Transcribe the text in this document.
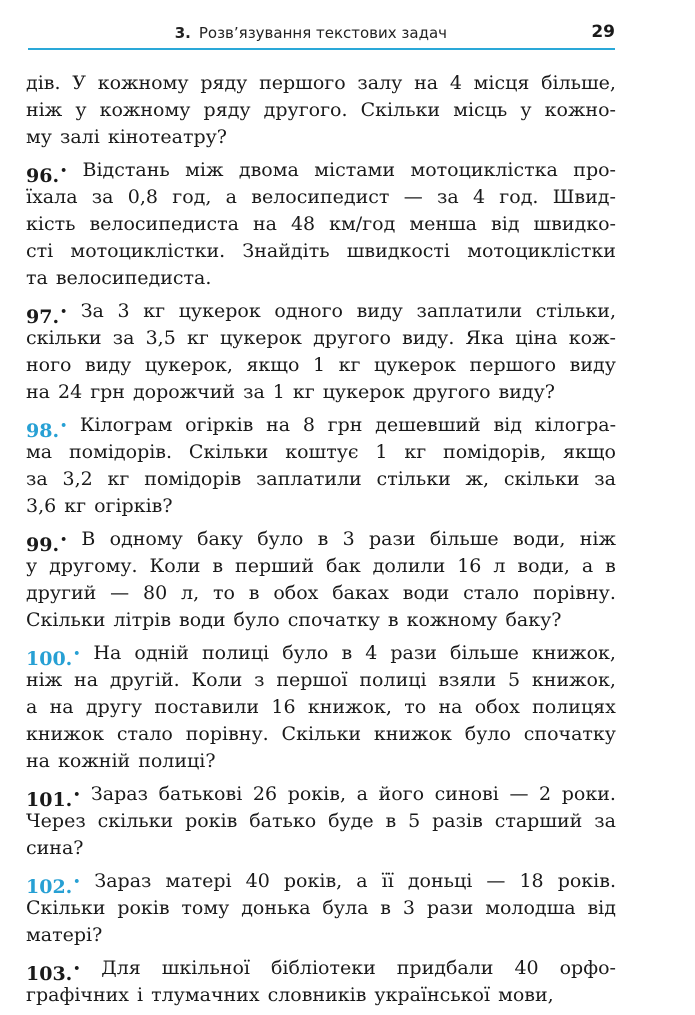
3. Розв’язування текстових задач	29
дів. У кожному ряду першого залу на 4 місця більше,
ніж у кожному ряду другого. Скільки місць у кожно-
му залі кінотеатру?
96.• Відстань між двома містами мотоциклістка про-
їхала за 0,8 год, а велосипедист — за 4 год. Швид-
кість велосипедиста на 48 км/год менша від швидко-
сті мотоциклістки. Знайдіть швидкості мотоциклістки
та велосипедиста.
97.• За 3 кг цукерок одного виду заплатили стільки,
скільки за 3,5 кг цукерок другого виду. Яка ціна кож-
ного виду цукерок, якщо 1 кг цукерок першого виду
на 24 грн дорожчий за 1 кг цукерок другого виду?
98.• Кілограм огірків на 8 грн дешевший від кілогра-
ма помідорів. Скільки коштує 1 кг помідорів, якщо
за 3,2 кг помідорів заплатили стільки ж, скільки за
3,6 кг огірків?
99.• В одному баку було в 3 рази більше води, ніж
у другому. Коли в перший бак долили 16 л води, а в
другий — 80 л, то в обох баках води стало порівну.
Скільки літрів води було спочатку в кожному баку?
100.• На одній полиці було в 4 рази більше книжок,
ніж на другій. Коли з першої полиці взяли 5 книжок,
а на другу поставили 16 книжок, то на обох полицях
книжок стало порівну. Скільки книжок було спочатку
на кожній полиці?
101.• Зараз батькові 26 років, а його синові — 2 роки.
Через скільки років батько буде в 5 разів старший за
сина?
102.• Зараз матері 40 років, а її доньці — 18 років.
Скільки років тому донька була в 3 рази молодша від
матері?
103.• Для шкільної бібліотеки придбали 40 орфо-
графічних і тлумачних словників української мови,
